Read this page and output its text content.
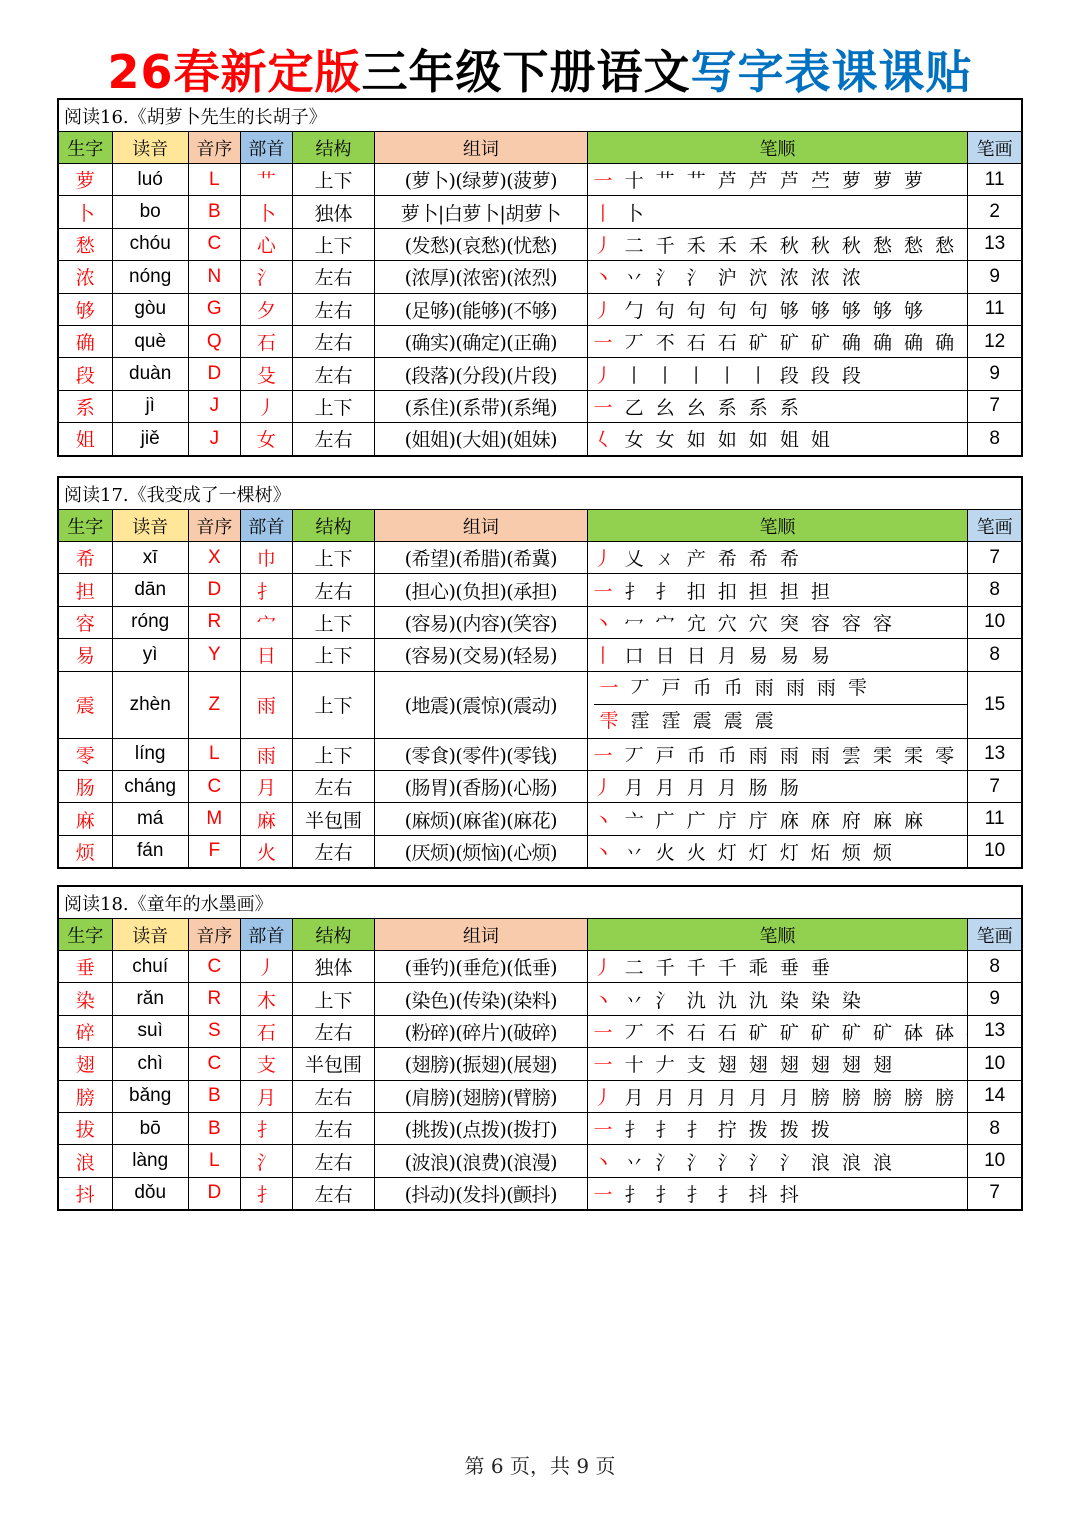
26春新定版三年级下册语文写字表课课贴
阅读16.《胡萝卜先生的长胡子》							
生字	读音	音序	部首	结构	组词	笔顺	笔画
萝	luó	L	艹	上下	(萝卜)(绿萝)(菠萝)	一 十 艹 艹 芦 芦 芦 苎 萝 萝 萝	11
卜	bo	B	卜	独体	萝卜|白萝卜|胡萝卜	丨 卜	2
愁	chóu	C	心	上下	(发愁)(哀愁)(忧愁)	丿 二 千 禾 禾 禾 秋 秋 秋 愁 愁 愁	13
浓	nóng	N	氵	左右	(浓厚)(浓密)(浓烈)	丶 丷 氵 氵 沪 泬 浓 浓 浓	9
够	gòu	G	夕	左右	(足够)(能够)(不够)	丿 勹 句 句 句 句 够 够 够 够 够	11
确	què	Q	石	左右	(确实)(确定)(正确)	一 丆 不 石 石 矿 矿 矿 确 确 确 确	12
段	duàn	D	殳	左右	(段落)(分段)(片段)	丿 丨 丨 丨 丨 丨 段 段 段	9
系	jì	J	丿	上下	(系住)(系带)(系绳)	一 乙 幺 幺 系 系 系	7
姐	jiě	J	女	左右	(姐姐)(大姐)(姐妹)	𡿨 女 女 如 如 如 姐 姐	8
阅读17.《我变成了一棵树》							
生字	读音	音序	部首	结构	组词	笔顺	笔画
希	xī	X	巾	上下	(希望)(希腊)(希冀)	丿 乂 ㄨ 产 希 希 希	7
担	dān	D	扌	左右	(担心)(负担)(承担)	一 扌 扌 扣 扣 担 担 担	8
容	róng	R	宀	上下	(容易)(内容)(笑容)	丶 冖 宀 宂 穴 穴 突 容 容 容	10
易	yì	Y	日	上下	(容易)(交易)(轻易)	丨 口 日 日 月 易 易 易	8
震	zhèn	Z	雨	上下	(地震)(震惊)(震动)	一 丆 戸 币 币 雨 雨 雨 雫
雫 霔 霔 震 震 震	15
零	líng	L	雨	上下	(零食)(零件)(零钱)	一 丆 戸 币 币 雨 雨 雨 雲 雬 雬 零	13
肠	cháng	C	月	左右	(肠胃)(香肠)(心肠)	丿 月 月 月 月 肠 肠	7
麻	má	M	麻	半包围	(麻烦)(麻雀)(麻花)	丶 亠 广 广 庁 庁 庥 庥 府 麻 麻	11
烦	fán	F	火	左右	(厌烦)(烦恼)(心烦)	丶 丷 火 火 灯 灯 灯 炻 烦 烦	10
阅读18.《童年的水墨画》							
生字	读音	音序	部首	结构	组词	笔顺	笔画
垂	chuí	C	丿	独体	(垂钓)(垂危)(低垂)	丿 二 千 千 千 乖 垂 垂	8
染	rǎn	R	木	上下	(染色)(传染)(染料)	丶 丷 氵 氿 氿 氿 染 染 染	9
碎	suì	S	石	左右	(粉碎)(碎片)(破碎)	一 丆 不 石 石 矿 矿 矿 矿 矿 砵 砵	13
翅	chì	C	支	半包围	(翅膀)(振翅)(展翅)	一 十 𠂇 支 翅 翅 翅 翅 翅 翅	10
膀	bǎng	B	月	左右	(肩膀)(翅膀)(臂膀)	丿 月 月 月 月 月 月 膀 膀 膀 膀 膀	14
拔	bō	B	扌	左右	(挑拨)(点拨)(拨打)	一 扌 扌 扌 拧 拨 拨 拨	8
浪	làng	L	氵	左右	(波浪)(浪费)(浪漫)	丶 丷 氵 氵 氵 氵 氵 浪 浪 浪	10
抖	dǒu	D	扌	左右	(抖动)(发抖)(颤抖)	一 扌 扌 扌 扌 抖 抖	7
第 6 页，共 9 页
